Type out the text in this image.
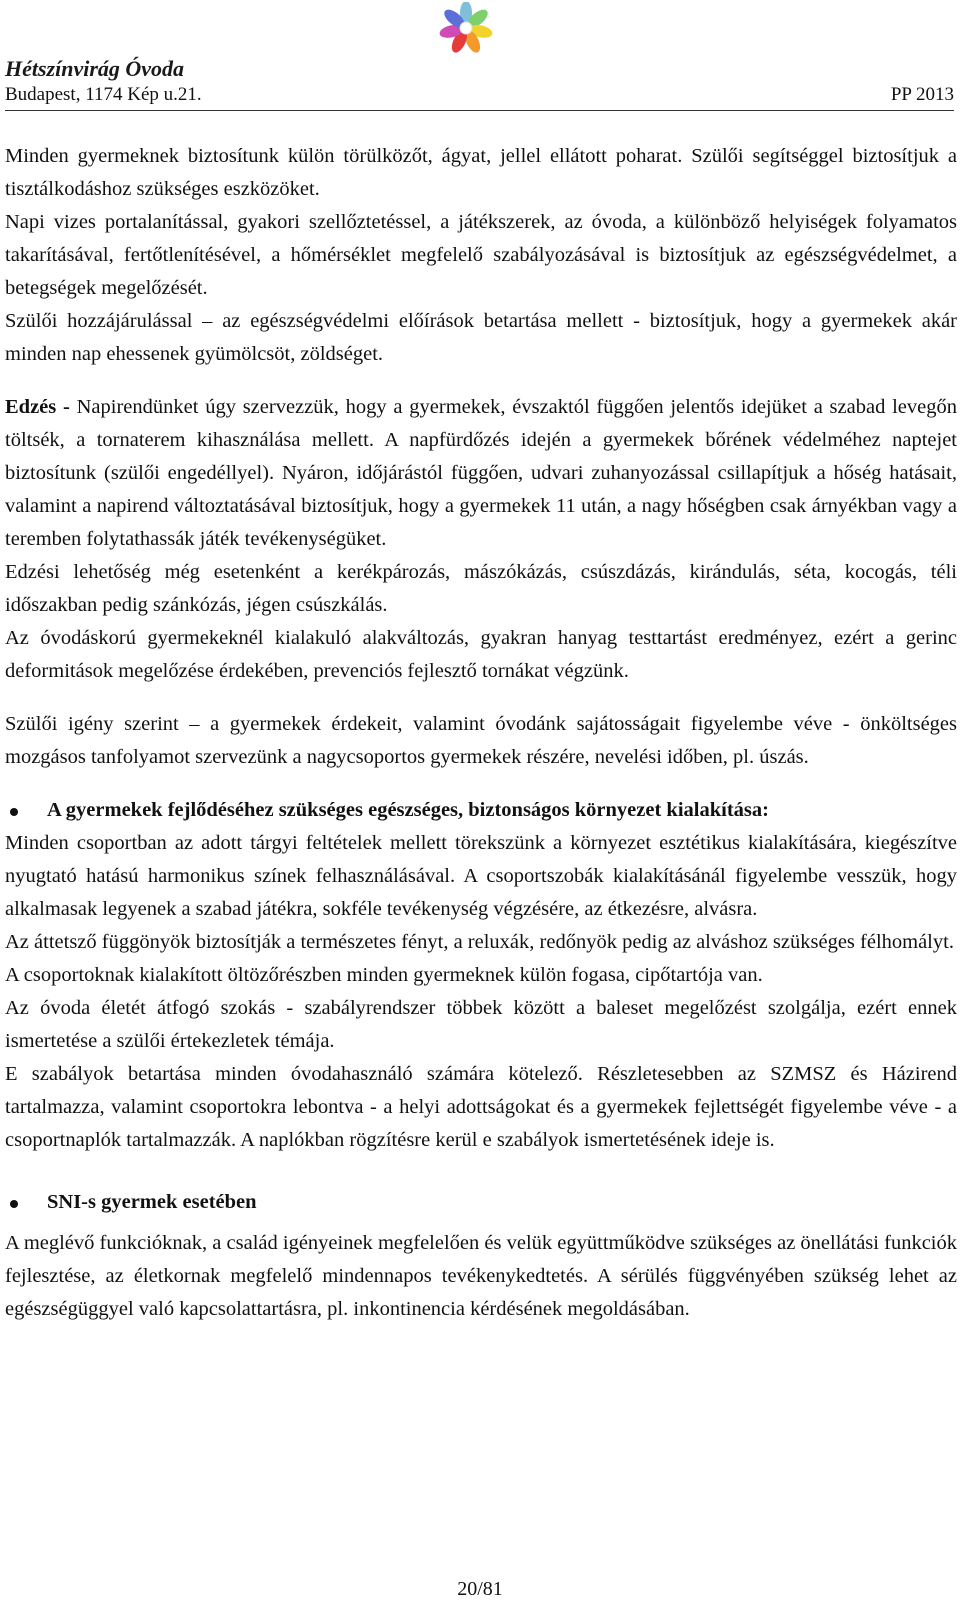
Hétszínvirág Óvoda
Budapest, 1174 Kép u.21.	PP 2013

Minden gyermeknek biztosítunk külön törülközőt, ágyat, jellel ellátott poharat. Szülői segítséggel biztosítjuk a tisztálkodáshoz szükséges eszközöket.

Napi vizes portalanítással, gyakori szellőztetéssel, a játékszerek, az óvoda, a különböző helyiségek folyamatos takarításával, fertőtlenítésével, a hőmérséklet megfelelő szabályozásával is biztosítjuk az egészségvédelmet, a betegségek megelőzését.

Szülői hozzájárulással – az egészségvédelmi előírások betartása mellett - biztosítjuk, hogy a gyermekek akár minden nap ehessenek gyümölcsöt, zöldséget.

Edzés - Napirendünket úgy szervezzük, hogy a gyermekek, évszaktól függően jelentős idejüket a szabad levegőn töltsék, a tornaterem kihasználása mellett. A napfürdőzés idején a gyermekek bőrének védelméhez naptejet biztosítunk (szülői engedéllyel). Nyáron, időjárástól függően, udvari zuhanyozással csillapítjuk a hőség hatásait, valamint a napirend változtatásával biztosítjuk, hogy a gyermekek 11 után, a nagy hőségben csak árnyékban vagy a teremben folytathassák játék tevékenységüket.

Edzési lehetőség még esetenként a kerékpározás, mászókázás, csúszdázás, kirándulás, séta, kocogás, téli időszakban pedig szánkózás, jégen csúszkálás.

Az óvodáskorú gyermekeknél kialakuló alakváltozás, gyakran hanyag testtartást eredményez, ezért a gerinc deformitások megelőzése érdekében, prevenciós fejlesztő tornákat végzünk.

Szülői igény szerint – a gyermekek érdekeit, valamint óvodánk sajátosságait figyelembe véve - önköltséges mozgásos tanfolyamot szervezünk a nagycsoportos gyermekek részére, nevelési időben, pl. úszás.

A gyermekek fejlődéséhez szükséges egészséges, biztonságos környezet kialakítása:

Minden csoportban az adott tárgyi feltételek mellett törekszünk a környezet esztétikus kialakítására, kiegészítve nyugtató hatású harmonikus színek felhasználásával. A csoportszobák kialakításánál figyelembe vesszük, hogy alkalmasak legyenek a szabad játékra, sokféle tevékenység végzésére, az étkezésre, alvásra.

Az áttetsző függönyök biztosítják a természetes fényt, a reluxák, redőnyök pedig az alváshoz szükséges félhomályt.

A csoportoknak kialakított öltözőrészben minden gyermeknek külön fogasa, cipőtartója van.

Az óvoda életét átfogó szokás - szabályrendszer többek között a baleset megelőzést szolgálja, ezért ennek ismertetése a szülői értekezletek témája.

E szabályok betartása minden óvodahasználó számára kötelező. Részletesebben az SZMSZ és Házirend tartalmazza, valamint csoportokra lebontva - a helyi adottságokat és a gyermekek fejlettségét figyelembe véve - a csoportnaplók tartalmazzák. A naplókban rögzítésre kerül e szabályok ismertetésének ideje is.

SNI-s gyermek esetében

A meglévő funkcióknak, a család igényeinek megfelelően és velük együttműködve szükséges az önellátási funkciók fejlesztése, az életkornak megfelelő mindennapos tevékenykedtetés. A sérülés függvényében szükség lehet az egészségüggyel való kapcsolattartásra, pl. inkontinencia kérdésének megoldásában.

20/81
